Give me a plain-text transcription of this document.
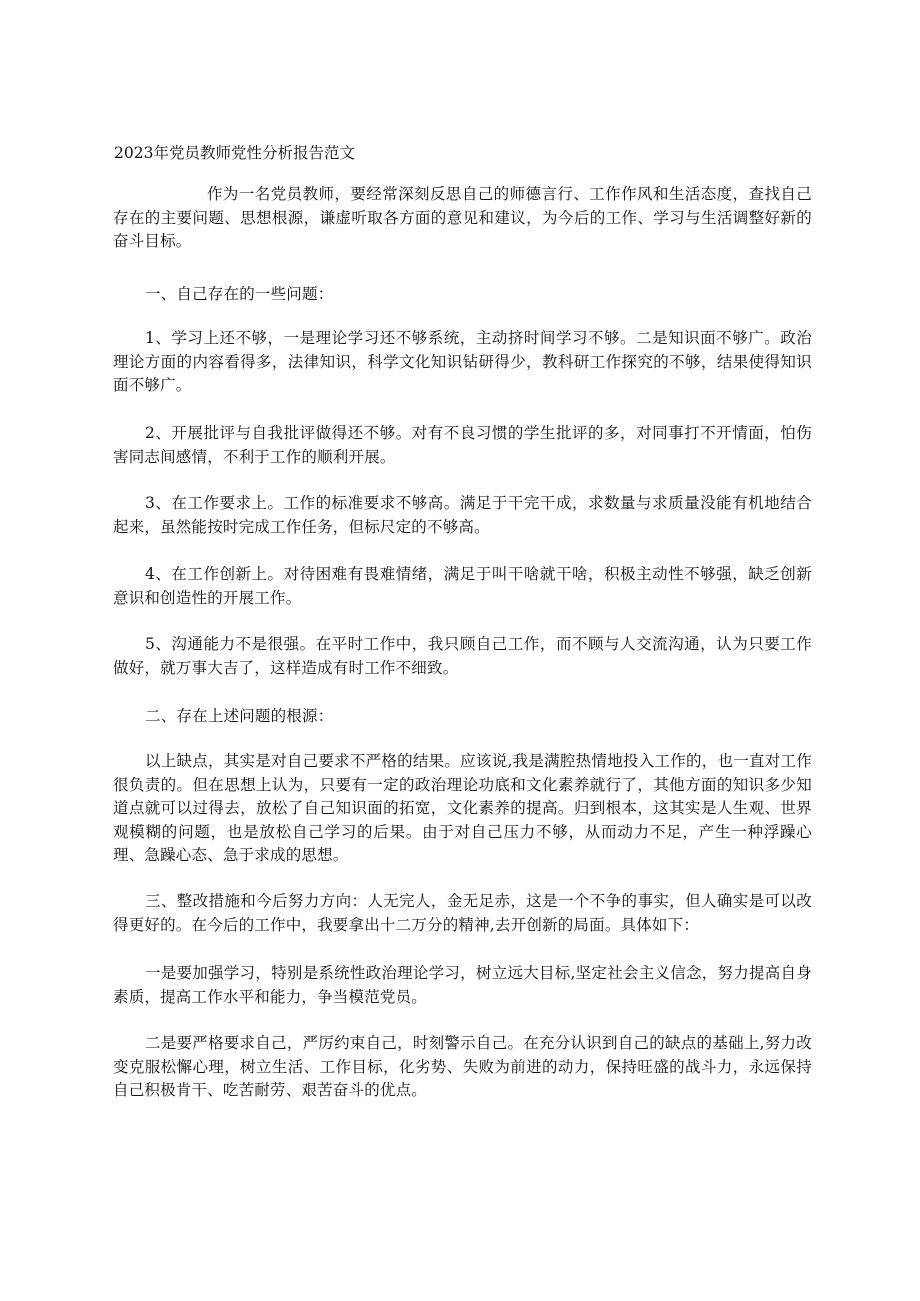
2023年党员教师党性分析报告范文

作为一名党员教师，要经常深刻反思自己的师德言行、工作作风和生活态度，查找自己存在的主要问题、思想根源，谦虚听取各方面的意见和建议，为今后的工作、学习与生活调整好新的奋斗目标。

一、自己存在的一些问题：

1、学习上还不够，一是理论学习还不够系统，主动挤时间学习不够。二是知识面不够广。政治理论方面的内容看得多，法律知识，科学文化知识钻研得少，教科研工作探究的不够，结果使得知识面不够广。

2、开展批评与自我批评做得还不够。对有不良习惯的学生批评的多，对同事打不开情面，怕伤害同志间感情，不利于工作的顺利开展。

3、在工作要求上。工作的标准要求不够高。满足于干完干成，求数量与求质量没能有机地结合起来，虽然能按时完成工作任务，但标尺定的不够高。

4、在工作创新上。对待困难有畏难情绪，满足于叫干啥就干啥，积极主动性不够强，缺乏创新意识和创造性的开展工作。

5、沟通能力不是很强。在平时工作中，我只顾自己工作，而不顾与人交流沟通，认为只要工作做好，就万事大吉了，这样造成有时工作不细致。

二、存在上述问题的根源：

以上缺点，其实是对自己要求不严格的结果。应该说,我是满腔热情地投入工作的，也一直对工作很负责的。但在思想上认为，只要有一定的政治理论功底和文化素养就行了，其他方面的知识多少知道点就可以过得去，放松了自己知识面的拓宽，文化素养的提高。归到根本，这其实是人生观、世界观模糊的问题，也是放松自己学习的后果。由于对自己压力不够，从而动力不足，产生一种浮躁心理、急躁心态、急于求成的思想。

三、整改措施和今后努力方向：人无完人，金无足赤，这是一个不争的事实，但人确实是可以改得更好的。在今后的工作中，我要拿出十二万分的精神,去开创新的局面。具体如下：

一是要加强学习，特别是系统性政治理论学习，树立远大目标,坚定社会主义信念，努力提高自身素质，提高工作水平和能力，争当模范党员。

二是要严格要求自己，严厉约束自己，时刻警示自己。在充分认识到自己的缺点的基础上,努力改变克服松懈心理，树立生活、工作目标，化劣势、失败为前进的动力，保持旺盛的战斗力，永远保持自己积极肯干、吃苦耐劳、艰苦奋斗的优点。
